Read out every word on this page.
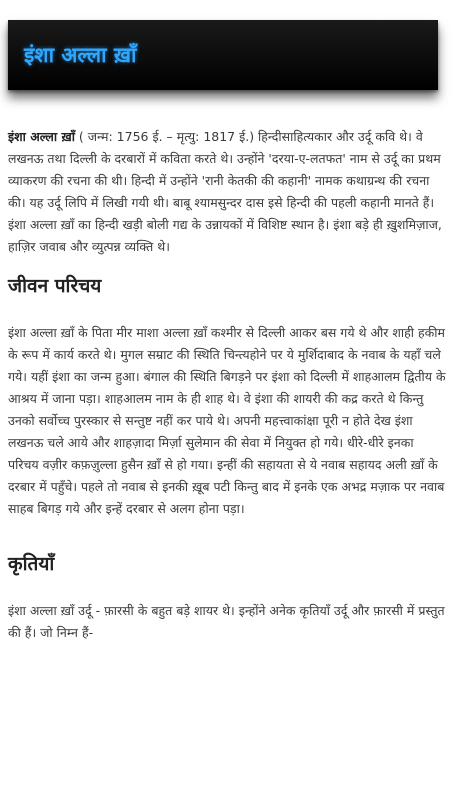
इंशा अल्ला ख़ाँ

इंशा अल्ला ख़ाँ ( जन्म: 1756 ई. – मृत्यु: 1817 ई.) हिन्दीसाहित्यकार और उर्दू कवि थे। वे लखनऊ तथा दिल्ली के दरबारों में कविता करते थे। उन्होंने 'दरया-ए-लतफत' नाम से उर्दू का प्रथम व्याकरण की रचना की थी। हिन्दी में उन्होंने 'रानी केतकी की कहानी' नामक कथाग्रन्थ की रचना की। यह उर्दू लिपि में लिखी गयी थी। बाबू श्यामसुन्दर दास इसे हिन्दी की पहली कहानी मानते हैं। इंशा अल्ला ख़ाँ का हिन्दी खड़ी बोली गद्य के उन्नायकों में विशिष्ट स्थान है। इंशा बड़े ही ख़ुशमिज़ाज, हाज़िर जवाब और व्युत्पन्न व्यक्ति थे।

जीवन परिचय

इंशा अल्ला ख़ाँ के पिता मीर माशा अल्ला ख़ाँ कश्मीर से दिल्ली आकर बस गये थे और शाही हकीम के रूप में कार्य करते थे। मुगल सम्राट की स्थिति चिन्त्यहोने पर ये मुर्शिदाबाद के नवाब के यहाँ चले गये। यहीं इंशा का जन्म हुआ। बंगाल की स्थिति बिगड़ने पर इंशा को दिल्ली में शाहआलम द्वितीय के आश्रय में जाना पड़ा। शाहआलम नाम के ही शाह थे। वे इंशा की शायरी की कद्र करते थे किन्तु उनको सर्वोच्च पुरस्कार से सन्तुष्ट नहीं कर पाये थे। अपनी महत्त्वाकांक्षा पूरी न होते देख इंशा लखनऊ चले आये और शाहज़ादा मिर्ज़ा सुलेमान की सेवा में नियुक्त हो गये। धीरे-धीरे इनका परिचय वज़ीर कफ़ज़ुल्ला हुसैन ख़ाँ से हो गया। इन्हीं की सहायता से ये नवाब सहायद अली ख़ाँ के दरबार में पहुँचे। पहले तो नवाब से इनकी ख़ूब पटी किन्तु बाद में इनके एक अभद्र मज़ाक पर नवाब साहब बिगड़ गये और इन्हें दरबार से अलग होना पड़ा।

कृतियाँ

इंशा अल्ला ख़ाँ उर्दू - फ़ारसी के बहुत बड़े शायर थे। इन्होंने अनेक कृतियाँ उर्दू और फ़ारसी में प्रस्तुत की हैं। जो निम्न हैं-
